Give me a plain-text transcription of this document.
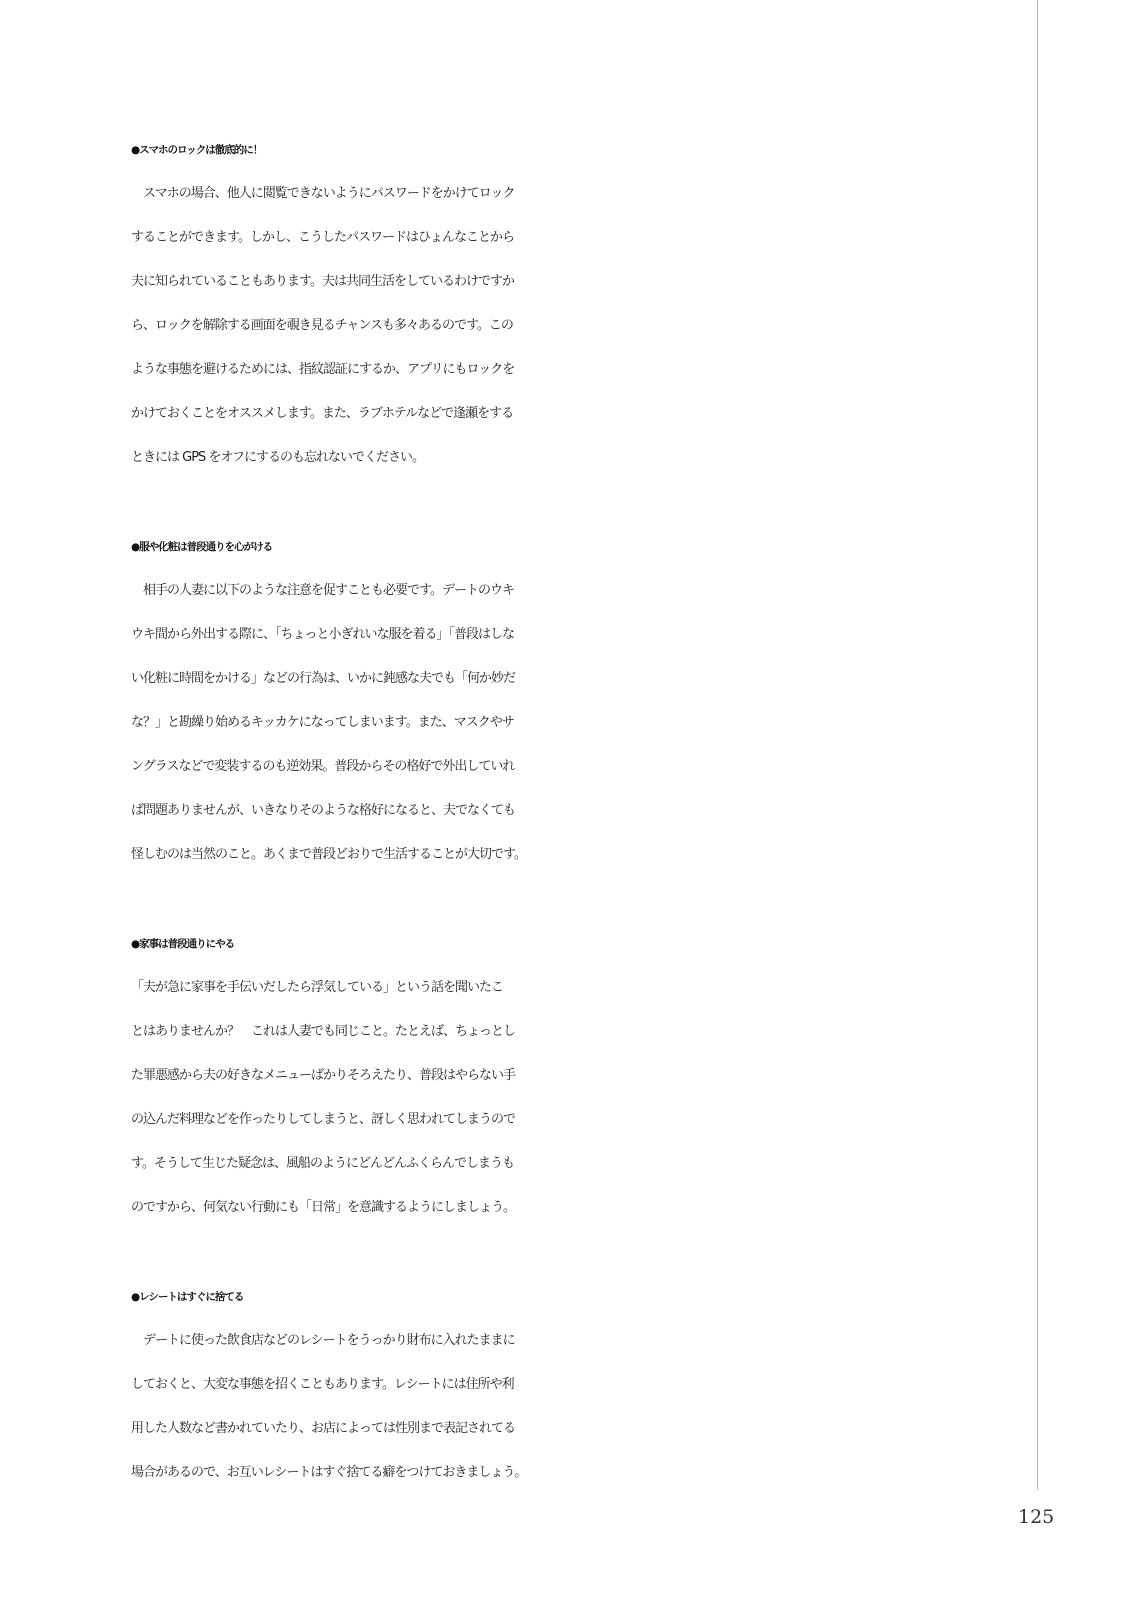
●スマホのロックは徹底的に！
　スマホの場合、他人に閲覧できないようにパスワードをかけてロック
することができます。しかし、こうしたパスワードはひょんなことから
夫に知られていることもあります。夫は共同生活をしているわけですか
ら、ロックを解除する画面を覗き見るチャンスも多々あるのです。この
ような事態を避けるためには、指紋認証にするか、アプリにもロックを
かけておくことをオススメします。また、ラブホテルなどで逢瀬をする
ときには GPS をオフにするのも忘れないでください。
●服や化粧は普段通りを心がける
　相手の人妻に以下のような注意を促すことも必要です。デートのウキ
ウキ間から外出する際に、「ちょっと小ぎれいな服を着る」「普段はしな
い化粧に時間をかける」などの行為は、いかに鈍感な夫でも「何か妙だ
な？」と勘繰り始めるキッカケになってしまいます。また、マスクやサ
ングラスなどで変装するのも逆効果。普段からその格好で外出していれ
ば問題ありませんが、いきなりそのような格好になると、夫でなくても
怪しむのは当然のこと。あくまで普段どおりで生活することが大切です。
●家事は普段通りにやる
「夫が急に家事を手伝いだしたら浮気している」という話を聞いたこ
とはありませんか？　これは人妻でも同じこと。たとえば、ちょっとし
た罪悪感から夫の好きなメニューばかりそろえたり、普段はやらない手
の込んだ料理などを作ったりしてしまうと、訝しく思われてしまうので
す。そうして生じた疑念は、風船のようにどんどんふくらんでしまうも
のですから、何気ない行動にも「日常」を意識するようにしましょう。
●レシートはすぐに捨てる
　デートに使った飲食店などのレシートをうっかり財布に入れたままに
しておくと、大変な事態を招くこともあります。レシートには住所や利
用した人数など書かれていたり、お店によっては性別まで表記されてる
場合があるので、お互いレシートはすぐ捨てる癖をつけておきましょう。
125
